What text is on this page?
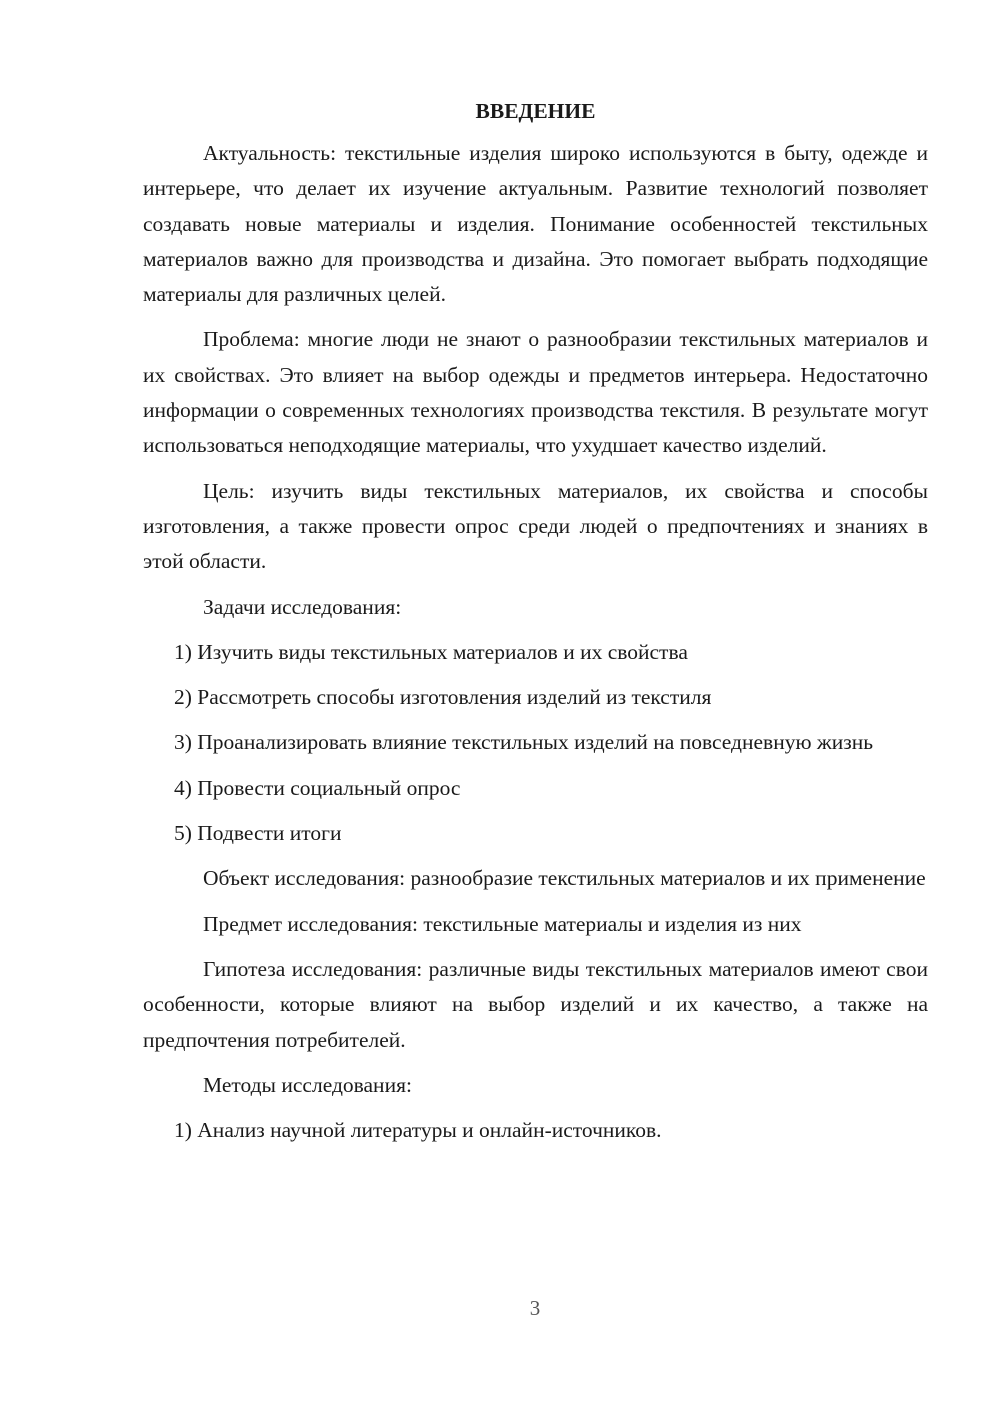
ВВЕДЕНИЕ

Актуальность: текстильные изделия широко используются в быту, одежде и интерьере, что делает их изучение актуальным. Развитие технологий позволяет создавать новые материалы и изделия. Понимание особенностей текстильных материалов важно для производства и дизайна. Это помогает выбрать подходящие материалы для различных целей.

Проблема: многие люди не знают о разнообразии текстильных материалов и их свойствах. Это влияет на выбор одежды и предметов интерьера. Недостаточно информации о современных технологиях производства текстиля. В результате могут использоваться неподходящие материалы, что ухудшает качество изделий.

Цель: изучить виды текстильных материалов, их свойства и способы изготовления, а также провести опрос среди людей о предпочтениях и знаниях в этой области.

Задачи исследования:

1) Изучить виды текстильных материалов и их свойства

2) Рассмотреть способы изготовления изделий из текстиля

3) Проанализировать влияние текстильных изделий на повседневную жизнь

4) Провести социальный опрос

5) Подвести итоги

Объект исследования: разнообразие текстильных материалов и их применение

Предмет исследования: текстильные материалы и изделия из них

Гипотеза исследования: различные виды текстильных материалов имеют свои особенности, которые влияют на выбор изделий и их качество, а также на предпочтения потребителей.

Методы исследования:

1) Анализ научной литературы и онлайн-источников.

3
